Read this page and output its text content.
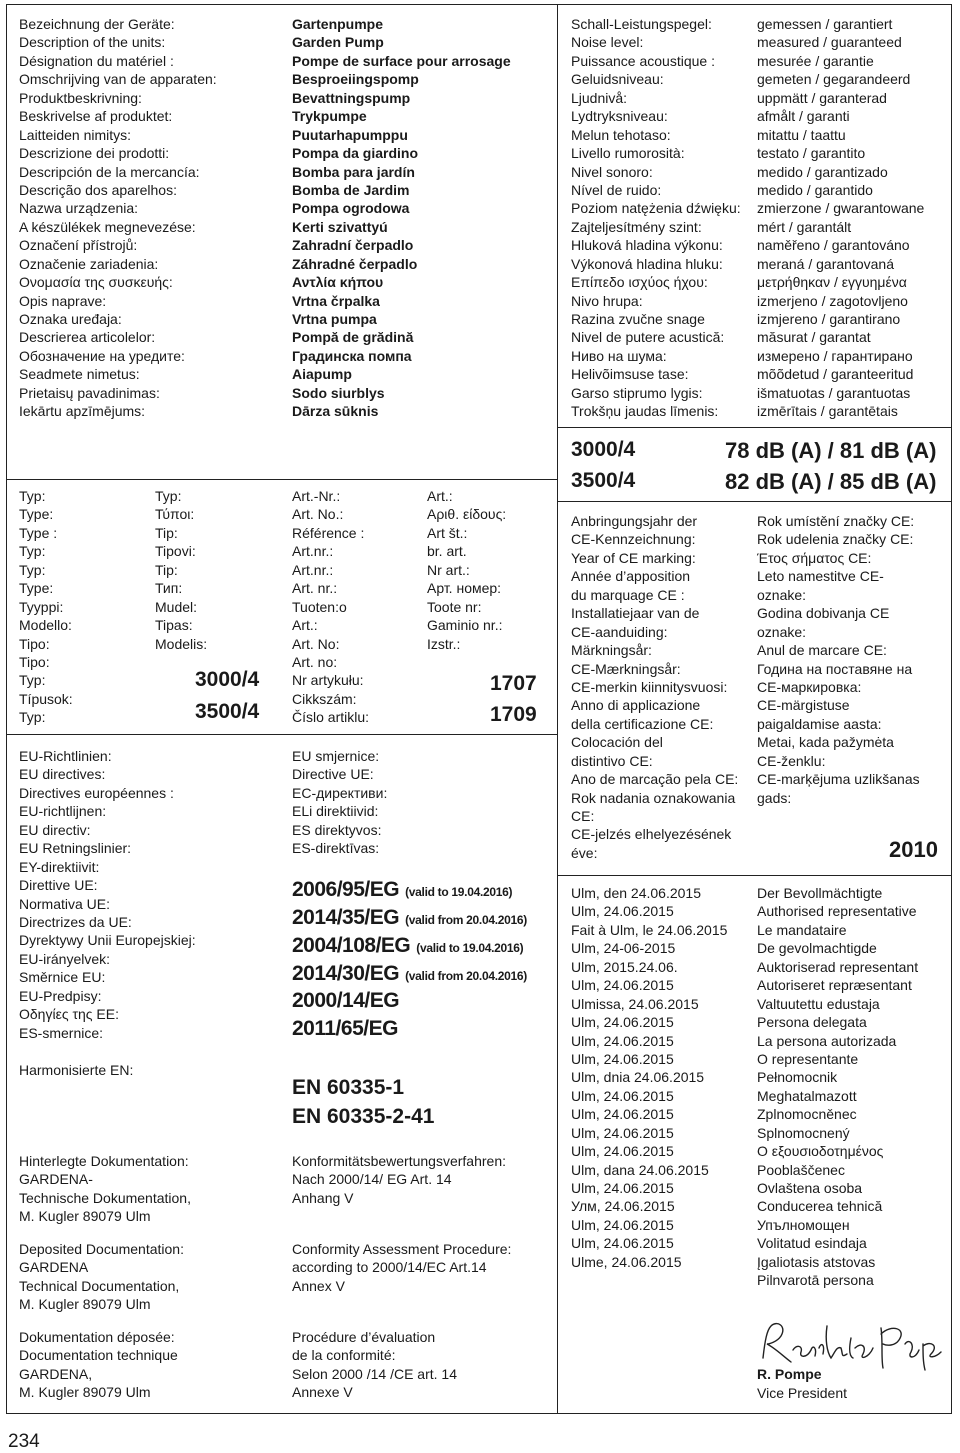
Bezeichnung der Geräte:
Description of the units:
Désignation du matériel :
Omschrijving van de apparaten:
Produktbeskrivning:
Beskrivelse af produktet:
Laitteiden nimitys:
Descrizione dei prodotti:
Descripción de la mercancía:
Descrição dos aparelhos:
Nazwa urządzenia:
A készülékek megnevezése:
Označení přístrojů:
Označenie zariadenia:
Ονομασία της συσκευής:
Opis naprave:
Oznaka uređaja:
Descrierea articolelor:
Обозначение на уредите:
Seadmete nimetus:
Prietaisų pavadinimas:
Iekārtu apzīmējums:
Gartenpumpe
Garden Pump
Pompe de surface pour arrosage
Besproeiingspomp
Bevattningspump
Trykpumpe
Puutarhapumppu
Pompa da giardino
Bomba para jardín
Bomba de Jardim
Pompa ogrodowa
Kerti szivattyú
Zahradní čerpadlo
Záhradné čerpadlo
Αντλία κήπου
Vrtna črpalka
Vrtna pumpa
Pompă de grădină
Градинска помпа
Aiapump
Sodo siurblys
Dārza sūknis
Typ:
Type:
Type :
Typ:
Typ:
Type:
Tyyppi:
Modello:
Tipo:
Tipo:
Typ:
Típusok:
Typ:
Typ:
Τύποι:
Tip:
Tipovi:
Tip:
Тип:
Mudel:
Tipas:
Modelis:
3000/4
3500/4
Art.-Nr.:
Art. No.:
Référence :
Art.nr.:
Art.nr.:
Art. nr.:
Tuoten:o
Art.:
Art. No:
Art. no:
Nr artykułu:
Cikkszám:
Číslo artiklu:
Art.:
Αριθ. είδους:
Art št.:
br. art.
Nr art.:
Арт. номер:
Toote nr:
Gaminio nr.:
Izstr.:
1707
1709
EU-Richtlinien:
EU directives:
Directives européennes :
EU-richtlijnen:
EU directiv:
EU Retningslinier:
EY-direktiivit:
Direttive UE:
Normativa UE:
Directrizes da UE:
Dyrektywy Unii Europejskiej:
EU-irányelvek:
Směrnice EU:
EU-Predpisy:
Οδηγίες της ΕΕ:
ES-smernice:
EU smjernice:
Directive UE:
ЕС-директиви:
ELi direktiivid:
ES direktyvos:
ES-direktīvas:
2006/95/EG (valid to 19.04.2016)
2014/35/EG (valid from 20.04.2016)
2004/108/EG (valid to 19.04.2016)
2014/30/EG (valid from 20.04.2016)
2000/14/EG
2011/65/EG
Harmonisierte EN:
EN 60335-1
EN 60335-2-41
Hinterlegte Dokumentation:
GARDENA-
Technische Dokumentation,
M. Kugler 89079 Ulm
Deposited Documentation:
GARDENA
Technical Documentation,
M. Kugler 89079 Ulm
Dokumentation déposée:
Documentation technique
GARDENA,
M. Kugler 89079 Ulm
Konformitätsbewertungsverfahren:
Nach 2000/14/ EG Art. 14
Anhang V
Conformity Assessment Procedure:
according to 2000/14/EC Art.14
Annex V
Procédure d’évaluation
de la conformité:
Selon 2000 /14 /CE art. 14
Annexe V
Schall-Leistungspegel:
Noise level:
Puissance acoustique :
Geluidsniveau:
Ljudnivå:
Lydtryksniveau:
Melun tehotaso:
Livello rumorosità:
Nivel sonoro:
Nível de ruido:
Poziom natężenia dźwięku:
Zajteljesítmény szint:
Hluková hladina výkonu:
Výkonová hladina hluku:
Επίπεδο ισχύος ήχου:
Nivo hrupa:
Razina zvučne snage
Nivel de putere acustică:
Ниво на шума:
Helivõimsuse tase:
Garso stiprumo lygis:
Trokšņu jaudas līmenis:
gemessen / garantiert
measured / guaranteed
mesurée / garantie
gemeten / gegarandeerd
uppmätt / garanterad
afmålt / garanti
mitattu / taattu
testato / garantito
medido / garantizado
medido / garantido
zmierzone / gwarantowane
mért / garantált
naměřeno / garantováno
meraná / garantovaná
μετρήθηκαν / εγγυημένα
izmerjeno / zagotovljeno
izmjereno / garantirano
măsurat / garantat
измерено / гарантирано
mõõdetud / garanteeritud
išmatuotas / garantuotas
izmērītais / garantētais
3000/4	78 dB (A) / 81 dB (A)
3500/4	82 dB (A) / 85 dB (A)
Anbringungsjahr der
CE-Kennzeichnung:
Year of CE marking:
Année d’apposition
du marquage CE :
Installatiejaar van de
CE-aanduiding:
Märkningsår:
CE-Mærkningsår:
CE-merkin kiinnitysvuosi:
Anno di applicazione
della certificazione CE:
Colocación del
distintivo CE:
Ano de marcação pela CE:
Rok nadania oznakowania
CE:
CE-jelzés elhelyezésének
éve:
Rok umístění značky CE:
Rok udelenia značky CE:
Έτος σήματος CE:
Leto namestitve CE-
oznake:
Godina dobivanja CE
oznake:
Anul de marcare CE:
Година на поставяне на
CE-маркировка:
CE-märgistuse
paigaldamise aasta:
Metai, kada pažymėta
CE-ženklu:
CE-marķējuma uzlikšanas
gads:
2010
Ulm, den 24.06.2015
Ulm, 24.06.2015
Fait à Ulm, le 24.06.2015
Ulm, 24-06-2015
Ulm, 2015.24.06.
Ulm, 24.06.2015
Ulmissa, 24.06.2015
Ulm, 24.06.2015
Ulm, 24.06.2015
Ulm, 24.06.2015
Ulm, dnia 24.06.2015
Ulm, 24.06.2015
Ulm, 24.06.2015
Ulm, 24.06.2015
Ulm, 24.06.2015
Ulm, dana 24.06.2015
Ulm, 24.06.2015
Улм, 24.06.2015
Ulm, 24.06.2015
Ulm, 24.06.2015
Ulme, 24.06.2015
Der Bevollmächtigte
Authorised representative
Le mandataire
De gevolmachtigde
Auktoriserad representant
Autoriseret repræsentant
Valtuutettu edustaja
Persona delegata
La persona autorizada
O representante
Pełnomocnik
Meghatalmazott
Zplnomocněnec
Splnomocnený
Ο εξουσιοδοτημένος
Pooblaščenec
Ovlaštena osoba
Conducerea tehnică
Упълномощен
Volitatud esindaja
Įgaliotasis atstovas
Pilnvarotā persona
R. Pompe
Vice President
234
